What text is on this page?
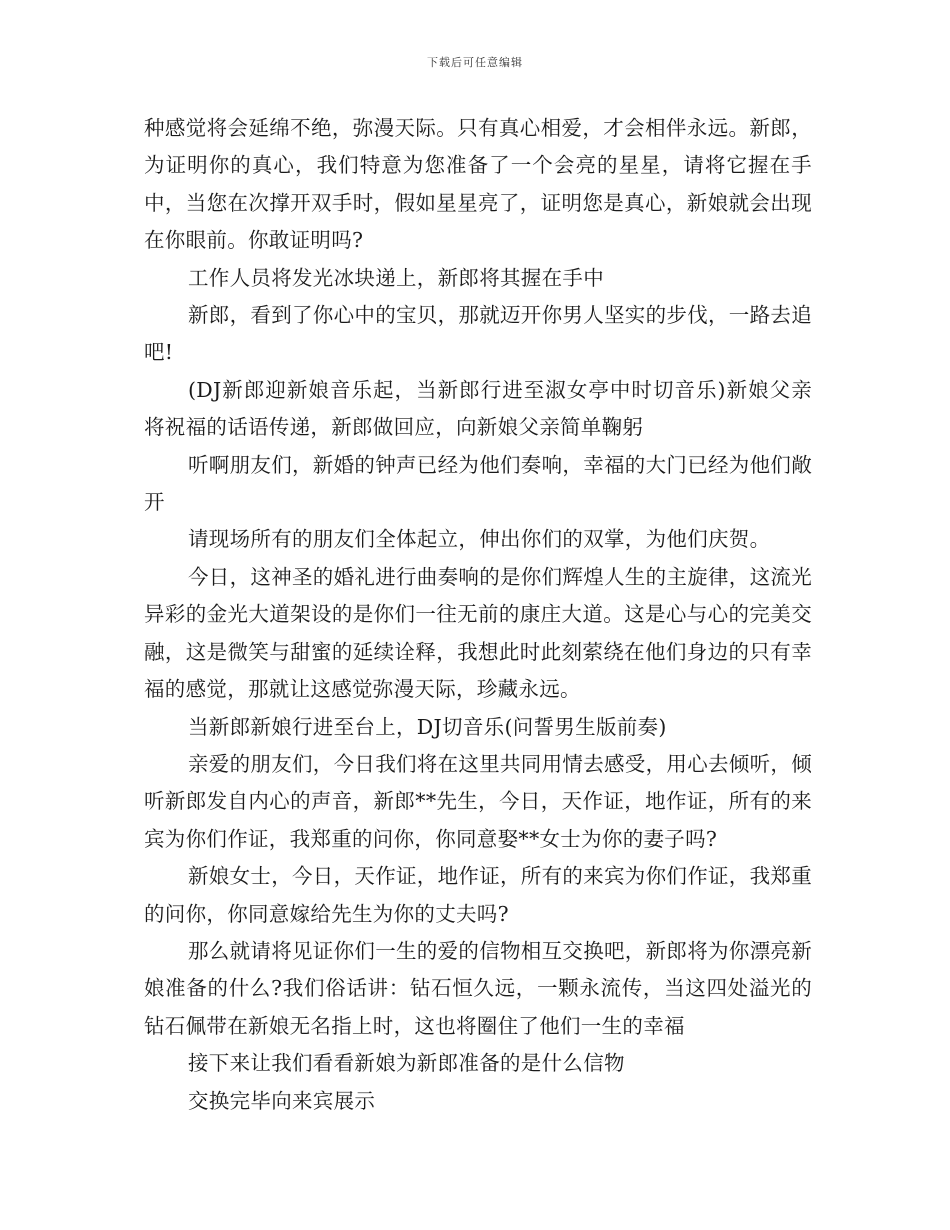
下载后可任意编辑

种感觉将会延绵不绝，弥漫天际。只有真心相爱，才会相伴永远。新郎，为证明你的真心，我们特意为您准备了一个会亮的星星，请将它握在手中，当您在次撑开双手时，假如星星亮了，证明您是真心，新娘就会出现在你眼前。你敢证明吗?

工作人员将发光冰块递上，新郎将其握在手中

新郎，看到了你心中的宝贝，那就迈开你男人坚实的步伐，一路去追吧!

(DJ新郎迎新娘音乐起，当新郎行进至淑女亭中时切音乐)新娘父亲将祝福的话语传递，新郎做回应，向新娘父亲简单鞠躬

听啊朋友们，新婚的钟声已经为他们奏响，幸福的大门已经为他们敞开

请现场所有的朋友们全体起立，伸出你们的双掌，为他们庆贺。

今日，这神圣的婚礼进行曲奏响的是你们辉煌人生的主旋律，这流光异彩的金光大道架设的是你们一往无前的康庄大道。这是心与心的完美交融，这是微笑与甜蜜的延续诠释，我想此时此刻萦绕在他们身边的只有幸福的感觉，那就让这感觉弥漫天际，珍藏永远。

当新郎新娘行进至台上，DJ切音乐(问誓男生版前奏)

亲爱的朋友们，今日我们将在这里共同用情去感受，用心去倾听，倾听新郎发自内心的声音，新郎**先生，今日，天作证，地作证，所有的来宾为你们作证，我郑重的问你，你同意娶**女士为你的妻子吗?

新娘女士，今日，天作证，地作证，所有的来宾为你们作证，我郑重的问你，你同意嫁给先生为你的丈夫吗?

那么就请将见证你们一生的爱的信物相互交换吧，新郎将为你漂亮新娘准备的什么?我们俗话讲：钻石恒久远，一颗永流传，当这四处溢光的钻石佩带在新娘无名指上时，这也将圈住了他们一生的幸福

接下来让我们看看新娘为新郎准备的是什么信物

交换完毕向来宾展示
